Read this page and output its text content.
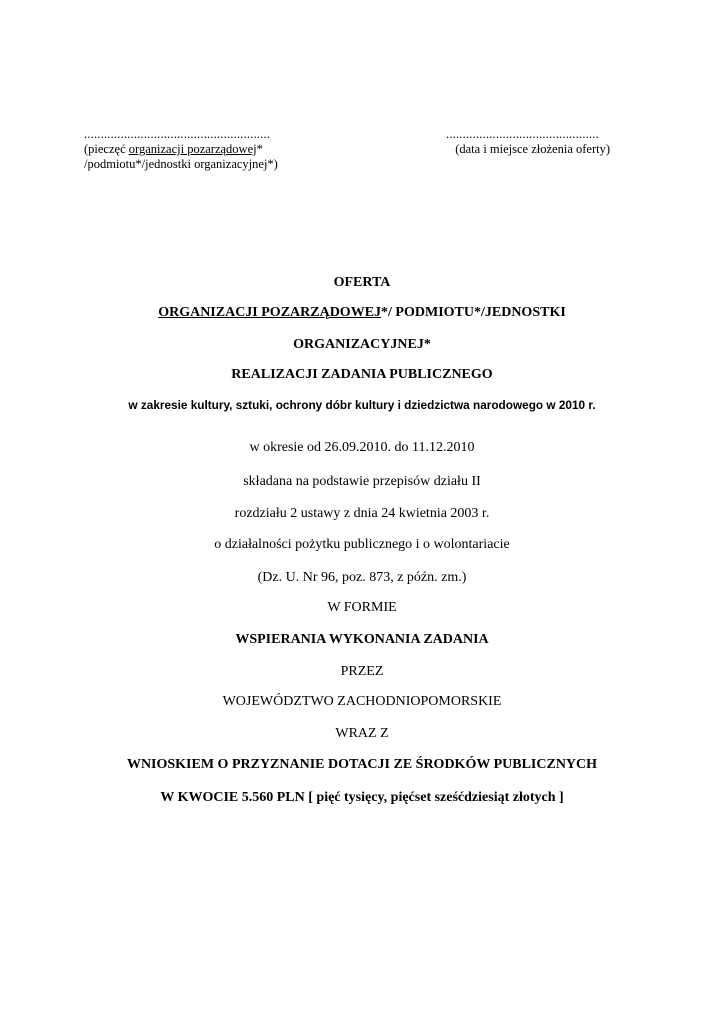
........................................................
(pieczęć organizacji pozarządowej*
/podmiotu*/jednostki organizacyjnej*)
..............................................
(data i miejsce złożenia oferty)
OFERTA
ORGANIZACJI POZARZĄDOWEJ*/ PODMIOTU*/JEDNOSTKI
ORGANIZACYJNEJ*
REALIZACJI ZADANIA PUBLICZNEGO
w zakresie kultury, sztuki, ochrony dóbr kultury i dziedzictwa narodowego w 2010 r.
w okresie od 26.09.2010. do 11.12.2010
składana na podstawie przepisów działu II
rozdziału 2 ustawy z dnia 24 kwietnia 2003 r.
o działalności pożytku publicznego i o wolontariacie
(Dz. U. Nr 96, poz. 873, z późn. zm.)
W FORMIE
WSPIERANIA WYKONANIA ZADANIA
PRZEZ
WOJEWÓDZTWO ZACHODNIOPOMORSKIE
WRAZ Z
WNIOSKIEM O PRZYZNANIE DOTACJI ZE ŚRODKÓW PUBLICZNYCH
W KWOCIE 5.560 PLN [ pięć tysięcy, pięćset sześćdziesiąt złotych ]
